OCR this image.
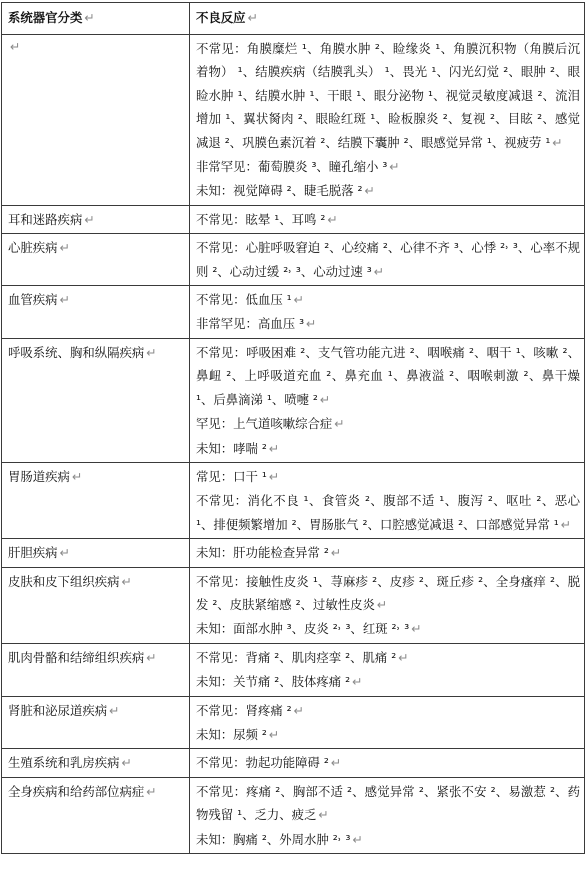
系统器官分类 ↵	不良反应 ↵
↵	不常见：角膜糜烂 ¹、角膜水肿 ²、睑缘炎 ¹、角膜沉积物（角膜后沉着物） ¹、结膜疾病（结膜乳头） ¹、畏光 ¹、闪光幻觉 ²、眼肿 ²、眼睑水肿 ¹、结膜水肿 ¹、干眼 ¹、眼分泌物 ¹、视觉灵敏度减退 ²、流泪增加 ¹、翼状胬肉 ²、眼睑红斑 ¹、睑板腺炎 ²、复视 ²、目眩 ²、感觉减退 ²、巩膜色素沉着 ²、结膜下囊肿 ²、眼感觉异常 ¹、视疲劳 ¹ ↵
非常罕见：葡萄膜炎 ³、瞳孔缩小 ³ ↵
未知：视觉障碍 ²、睫毛脱落 ² ↵

耳和迷路疾病 ↵	不常见：眩晕 ¹、耳鸣 ² ↵

心脏疾病 ↵	不常见：心脏呼吸窘迫 ²、心绞痛 ²、心律不齐 ³、心悸 ²˒ ³、心率不规则 ²、心动过缓 ²˒ ³、心动过速 ³ ↵

血管疾病 ↵	不常见：低血压 ¹ ↵
非常罕见：高血压 ³ ↵

呼吸系统、胸和纵隔疾病 ↵	不常见：呼吸困难 ²、支气管功能亢进 ²、咽喉痛 ²、咽干 ¹、咳嗽 ²、鼻衄 ²、上呼吸道充血 ²、鼻充血 ¹、鼻液溢 ²、咽喉刺激 ²、鼻干燥 ¹、后鼻滴涕 ¹、喷嚏 ² ↵
罕见：上气道咳嗽综合症 ↵
未知：哮喘 ² ↵

胃肠道疾病 ↵	常见：口干 ¹ ↵
不常见：消化不良 ¹、食管炎 ²、腹部不适 ¹、腹泻 ²、呕吐 ²、恶心 ¹、排便频繁增加 ²、胃肠胀气 ²、口腔感觉减退 ²、口部感觉异常 ¹ ↵

肝胆疾病 ↵	未知：肝功能检查异常 ² ↵

皮肤和皮下组织疾病 ↵	不常见：接触性皮炎 ¹、荨麻疹 ²、皮疹 ²、斑丘疹 ²、全身瘙痒 ²、脱发 ²、皮肤紧缩感 ²、过敏性皮炎 ↵
未知：面部水肿 ³、皮炎 ²˒ ³、红斑 ²˒ ³ ↵

肌肉骨骼和结缔组织疾病 ↵	不常见：背痛 ²、肌肉痉挛 ²、肌痛 ² ↵
未知：关节痛 ²、肢体疼痛 ² ↵

肾脏和泌尿道疾病 ↵	不常见：肾疼痛 ² ↵
未知：尿频 ² ↵

生殖系统和乳房疾病 ↵	不常见：勃起功能障碍 ² ↵

全身疾病和给药部位病症 ↵	不常见：疼痛 ²、胸部不适 ²、感觉异常 ²、紧张不安 ²、易激惹 ²、药物残留 ¹、乏力、疲乏 ↵
未知：胸痛 ²、外周水肿 ²˒ ³ ↵
